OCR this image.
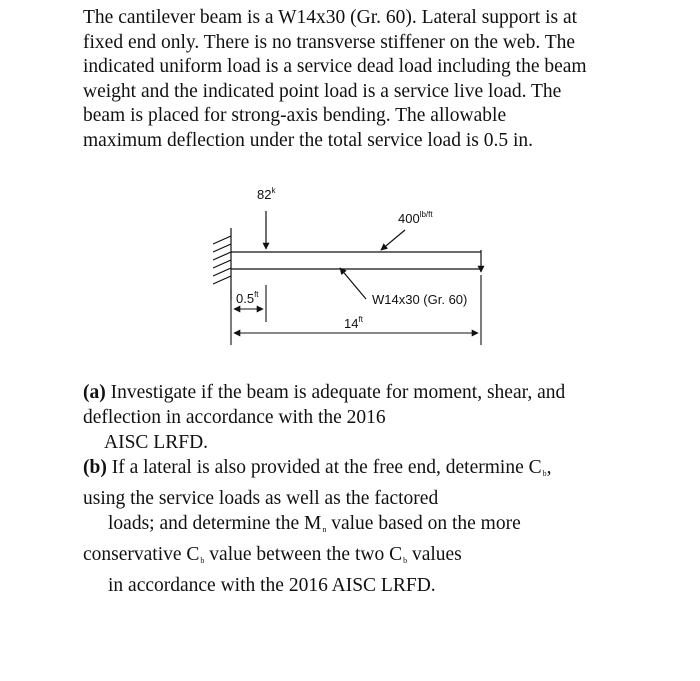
The cantilever beam is a W14x30 (Gr. 60). Lateral support is at
fixed end only. There is no transverse stiffener on the web. The
indicated uniform load is a service dead load including the beam
weight and the indicated point load is a service live load. The
beam is placed for strong-axis bending. The allowable
maximum deflection under the total service load is 0.5 in.

82$^k$
$400^{lb/ft}$
$0.5^{ft}$
$14^{ft}$
W14x30 (Gr. 60)
(a) Investigate if the beam is adequate for moment, shear, and
deflection in accordance with the 2016
AISC LRFD.
(b) If a lateral is also provided at the free end, determine $C_b$,
using the service loads as well as the factored
loads; and determine the $M_n$ value based on the more
conservative $C_b$ value between the two $C_b$ values
in accordance with the 2016 AISC LRFD.
